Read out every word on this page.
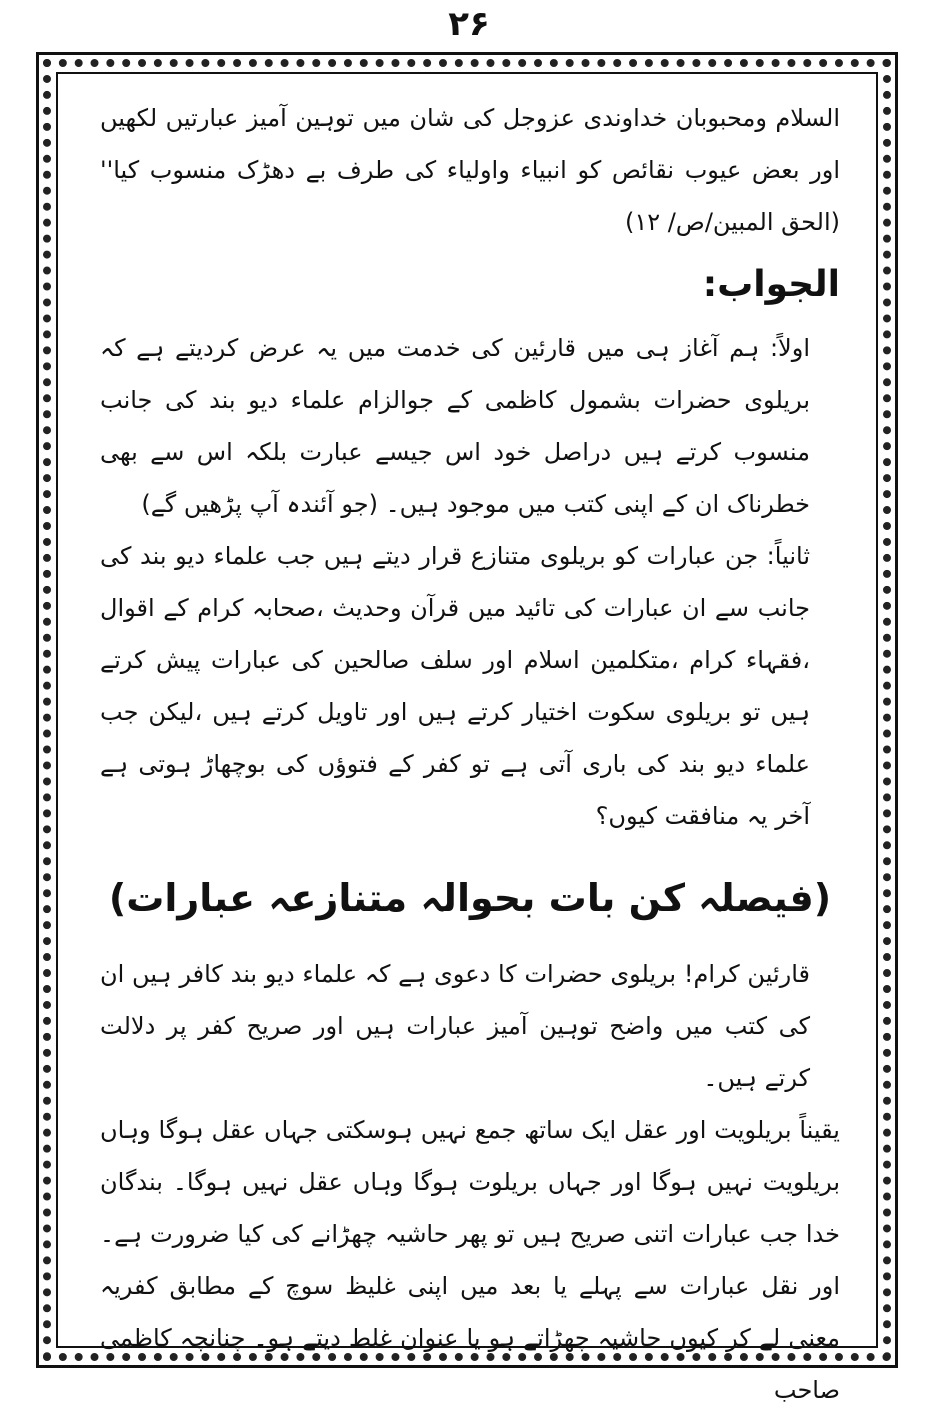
۲۶

السلام ومحبوبان خداوندی عزوجل کی شان میں توہین آمیز عبارتیں لکھیں اور بعض عیوب نقائص کو انبیاء واولیاء کی طرف بے دھڑک منسوب کیا'' (الحق المبین/ص/ ۱۲)

الجواب:

اولاً: ہم آغاز ہی میں قارئین کی خدمت میں یہ عرض کردیتے ہے کہ بریلوی حضرات بشمول کاظمی کے جوالزام علماء دیو بند کی جانب منسوب کرتے ہیں دراصل خود اس جیسے عبارت بلکہ اس سے بھی خطرناک ان کے اپنی کتب میں موجود ہیں۔ (جو آئندہ آپ پڑھیں گے)

ثانیاً: جن عبارات کو بریلوی متنازع قرار دیتے ہیں جب علماء دیو بند کی جانب سے ان عبارات کی تائید میں قرآن وحدیث ،صحابہ کرام کے اقوال ،فقہاء کرام ،متکلمین اسلام اور سلف صالحین کی عبارات پیش کرتے ہیں تو بریلوی سکوت اختیار کرتے ہیں اور تاویل کرتے ہیں ،لیکن جب علماء دیو بند کی باری آتی ہے تو کفر کے فتوؤں کی بوچھاڑ ہوتی ہے آخر یہ منافقت کیوں؟

(فیصلہ کن بات بحوالہ متنازعہ عبارات)

قارئین کرام! بریلوی حضرات کا دعوی ہے کہ علماء دیو بند کافر ہیں ان کی کتب میں واضح توہین آمیز عبارات ہیں اور صریح کفر پر دلالت کرتے ہیں۔

یقیناً بریلویت اور عقل ایک ساتھ جمع نہیں ہوسکتی جہاں عقل ہوگا وہاں بریلویت نہیں ہوگا اور جہاں بریلوت ہوگا وہاں عقل نہیں ہوگا۔ بندگان خدا جب عبارات اتنی صریح ہیں تو پھر حاشیہ چھڑانے کی کیا ضرورت ہے۔ اور نقل عبارات سے پہلے یا بعد میں اپنی غلیظ سوچ کے مطابق کفریہ معنی لے کر کیوں حاشیہ چھڑاتے ہو یا عنوان غلط دیتے ہو۔ چنانچہ کاظمی صاحب
